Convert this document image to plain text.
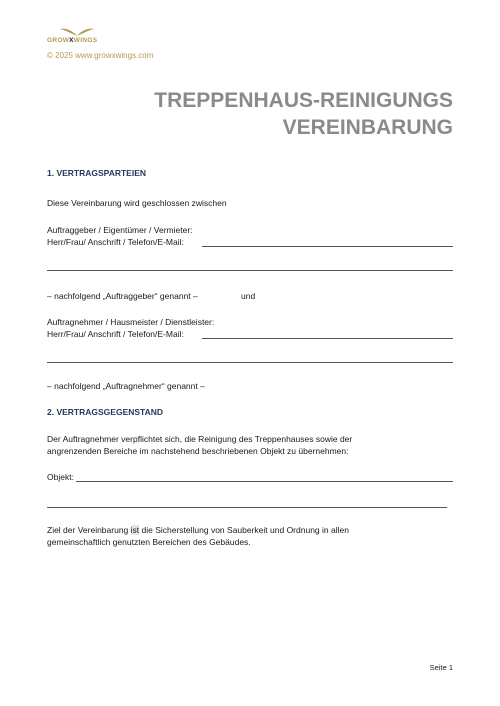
GROWXWINGS
© 2025 www.growxwings.com
TREPPENHAUS-REINIGUNGS
VEREINBARUNG
1. VERTRAGSPARTEIEN
Diese Vereinbarung wird geschlossen zwischen
Auftraggeber / Eigentümer / Vermieter:
Herr/Frau/ Anschrift / Telefon/E-Mail:
– nachfolgend „Auftraggeber“ genannt –	und
Auftragnehmer / Hausmeister / Dienstleister:
Herr/Frau/ Anschrift / Telefon/E-Mail:
– nachfolgend „Auftragnehmer“ genannt –
2. VERTRAGSGEGENSTAND
Der Auftragnehmer verpflichtet sich, die Reinigung des Treppenhauses sowie der
angrenzenden Bereiche im nachstehend beschriebenen Objekt zu übernehmen:
Objekt:
Ziel der Vereinbarung ist die Sicherstellung von Sauberkeit und Ordnung in allen
gemeinschaftlich genutzten Bereichen des Gebäudes.
Seite 1
